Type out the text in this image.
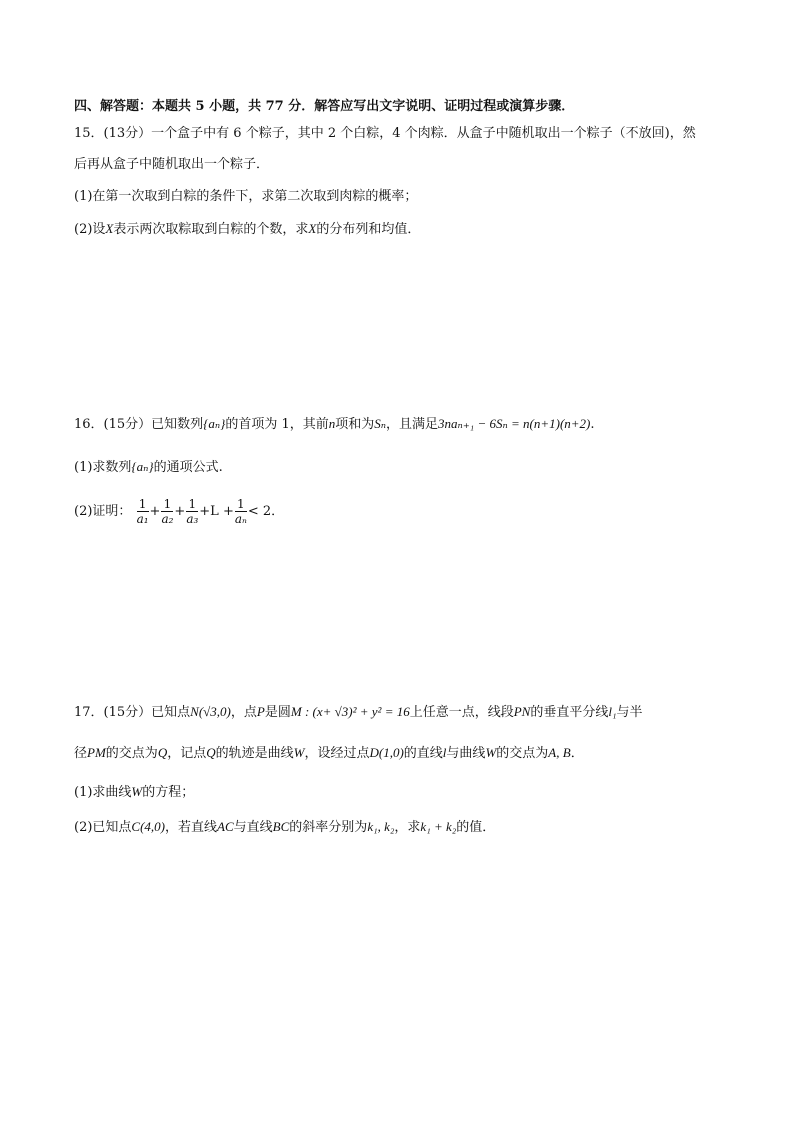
四、解答题：本题共 5 小题，共 77 分．解答应写出文字说明、证明过程或演算步骤．
15．(13分）一个盒子中有 6 个粽子，其中 2 个白粽，4 个肉粽．从盒子中随机取出一个粽子（不放回)，然
后再从盒子中随机取出一个粽子．
(1)在第一次取到白粽的条件下，求第二次取到肉粽的概率；
(2)设X表示两次取粽取到白粽的个数，求X的分布列和均值．
16．(15分）已知数列{aₙ}的首项为 1，其前n项和为Sₙ，且满足3naₙ₊₁ − 6Sₙ = n(n+1)(n+2).
(1)求数列{aₙ}的通项公式.
(2)证明： $\frac{1}{\text{a₁}} + \frac{1}{\text{a₂}} + \frac{1}{\text{a₃}} +L + \frac{1}{\text{aₙ}} < 2$．
17．(15分）已知点N(√3,0)，点P是圆M : (x+ √3)² + y² = 16上任意一点，线段PN的垂直平分线l₁与半
径PM的交点为Q，记点Q的轨迹是曲线W，设经过点D(1,0)的直线l与曲线W的交点为A, B．
(1)求曲线W的方程；
(2)已知点C(4,0)，若直线AC与直线BC的斜率分别为k₁, k₂，求k₁ + k₂的值．
